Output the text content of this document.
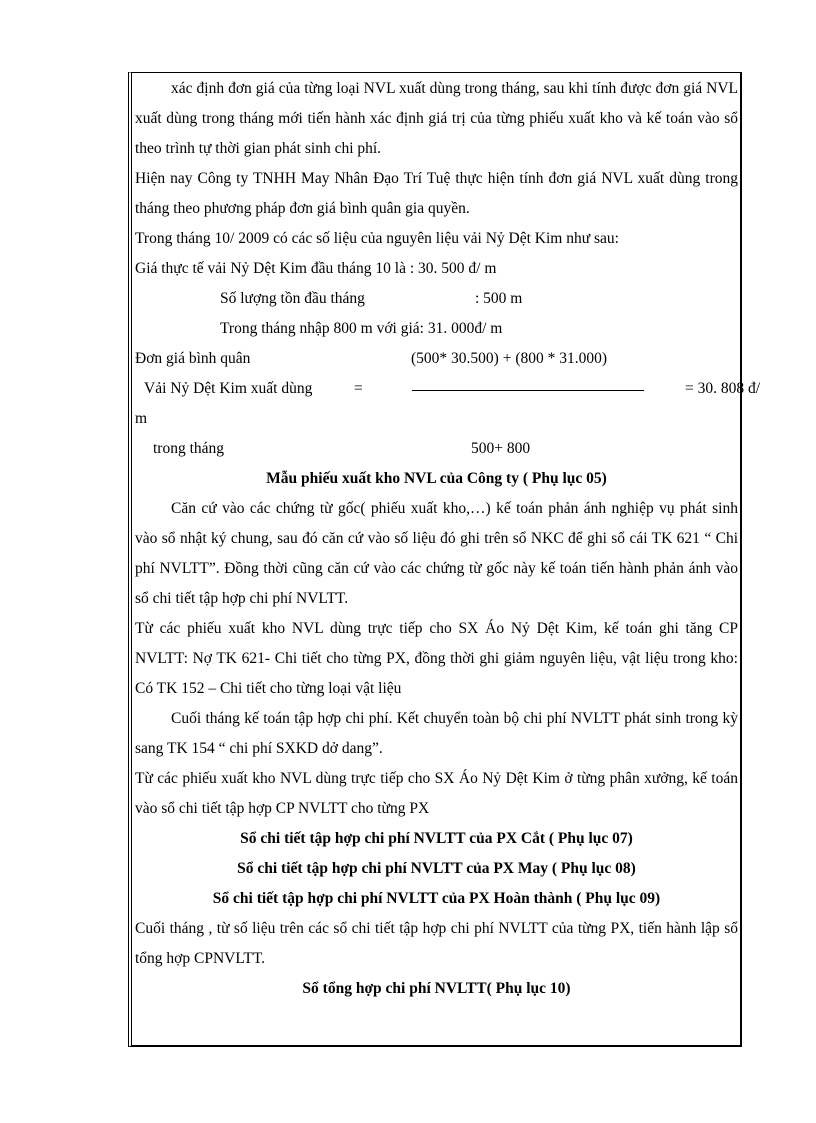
xác định đơn giá của từng loại NVL xuất dùng trong tháng, sau khi tính được đơn giá NVL xuất dùng trong tháng mới tiến hành xác định giá trị của từng phiếu xuất kho và kế toán vào sổ theo trình tự thời gian phát sinh chi phí.
Hiện nay Công ty TNHH May Nhân Đạo Trí Tuệ thực hiện tính đơn giá NVL xuất dùng trong tháng theo phương pháp đơn giá bình quân gia quyền.
Trong tháng 10/ 2009 có các số liệu của nguyên liệu vải Nỷ Dệt Kim như sau:
Giá thực tế vải Nỷ Dệt Kim đầu tháng 10 là : 30. 500 đ/ m
Số lượng tồn đầu tháng	: 500 m
Trong tháng nhập 800 m với giá: 31. 000đ/ m
Đơn giá bình quân	(500* 30.500) + (800 * 31.000)
Vải Nỷ Dệt Kim xuất dùng	=	= 30. 808 đ/
m
trong tháng	500+ 800
Mẫu phiếu xuất kho NVL của Công ty ( Phụ lục 05)
Căn cứ vào các chứng từ gốc( phiếu xuất kho,…) kế toán phản ánh nghiệp vụ phát sinh vào sổ nhật ký chung, sau đó căn cứ vào số liệu đó ghi trên sổ NKC để ghi sổ cái TK 621 “ Chi phí NVLTT”. Đồng thời cũng căn cứ vào các chứng từ gốc này kế toán tiến hành phản ánh vào sổ chi tiết tập hợp chi phí NVLTT.
Từ các phiếu xuất kho NVL dùng trực tiếp cho SX Áo Nỷ Dệt Kim, kế toán ghi tăng CP NVLTT: Nợ TK 621- Chi tiết cho từng PX, đồng thời ghi giảm nguyên liệu, vật liệu trong kho: Có TK 152 – Chi tiết cho từng loại vật liệu
Cuối tháng kế toán tập hợp chi phí. Kết chuyển toàn bộ chi phí NVLTT phát sinh trong kỳ sang TK 154 “ chi phí SXKD dở dang”.
Từ các phiếu xuất kho NVL dùng trực tiếp cho SX Áo Nỷ Dệt Kim ở từng phân xưởng, kế toán vào sổ chi tiết tập hợp CP NVLTT cho từng PX
Sổ chi tiết tập hợp chi phí NVLTT của PX Cắt ( Phụ lục 07)
Sổ chi tiết tập hợp chi phí NVLTT của PX May ( Phụ lục 08)
Sổ chi tiết tập hợp chi phí NVLTT của PX Hoàn thành ( Phụ lục 09)
Cuối tháng , từ số liệu trên các sổ chi tiết tập hợp chi phí NVLTT của từng PX, tiến hành lập sổ tổng hợp CPNVLTT.
Sổ tổng hợp chi phí NVLTT( Phụ lục 10)
